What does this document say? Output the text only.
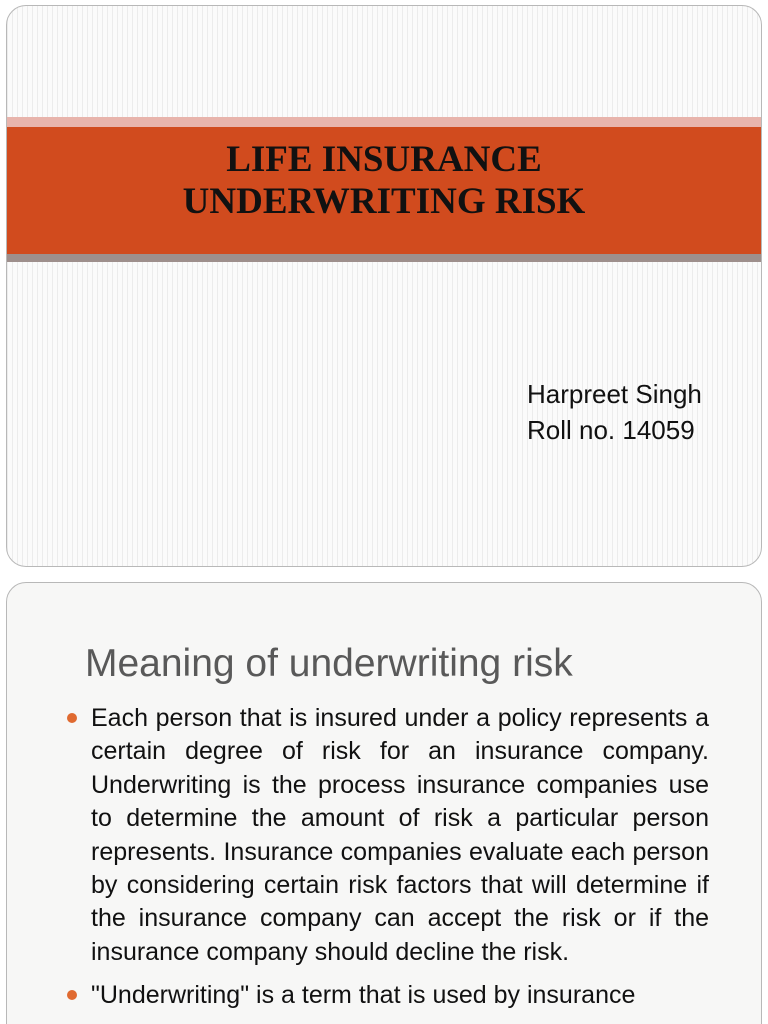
LIFE INSURANCE
UNDERWRITING RISK
Harpreet Singh
Roll no. 14059
Meaning of underwriting risk
Each person that is insured under a policy represents a certain degree of risk for an insurance company. Underwriting is the process insurance companies use to determine the amount of risk a particular person represents. Insurance companies evaluate each person by considering certain risk factors that will determine if the insurance company can accept the risk or if the insurance company should decline the risk.
"Underwriting" is a term that is used by insurance
